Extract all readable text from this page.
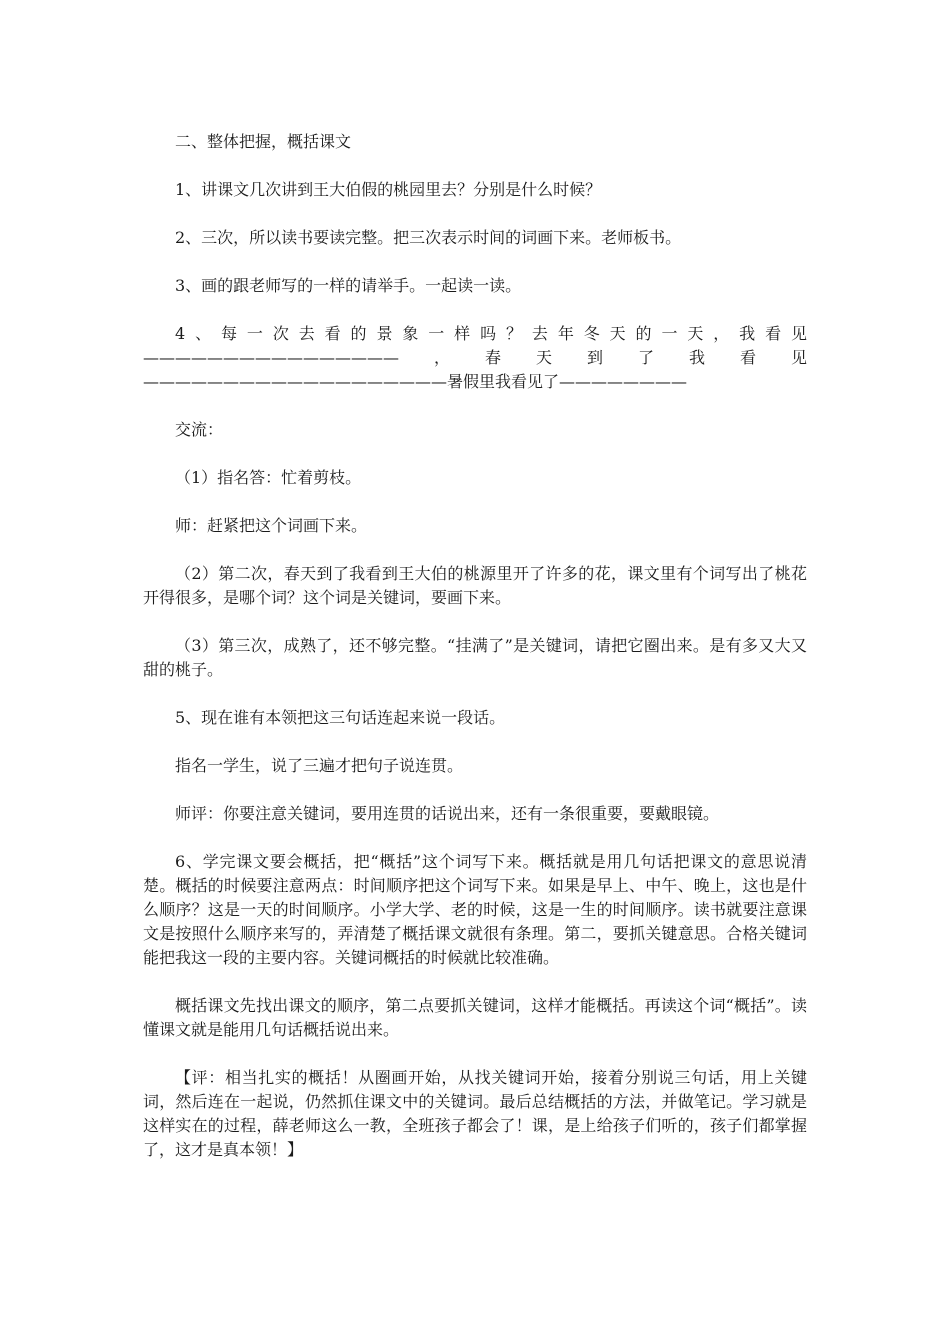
二、整体把握，概括课文

1、讲课文几次讲到王大伯假的桃园里去？分别是什么时候？

2、三次，所以读书要读完整。把三次表示时间的词画下来。老师板书。

3、画的跟老师写的一样的请举手。一起读一读。

4、每一次去看的景象一样吗？去年冬天的一天，我看见————————————————，春天到了我看见———————————————————暑假里我看见了————————

交流：

（1）指名答：忙着剪枝。

师：赶紧把这个词画下来。

（2）第二次，春天到了我看到王大伯的桃源里开了许多的花，课文里有个词写出了桃花开得很多，是哪个词？这个词是关键词，要画下来。

（3）第三次，成熟了，还不够完整。“挂满了”是关键词，请把它圈出来。是有多又大又甜的桃子。

5、现在谁有本领把这三句话连起来说一段话。

指名一学生，说了三遍才把句子说连贯。

师评：你要注意关键词，要用连贯的话说出来，还有一条很重要，要戴眼镜。

6、学完课文要会概括，把“概括”这个词写下来。概括就是用几句话把课文的意思说清楚。概括的时候要注意两点：时间顺序把这个词写下来。如果是早上、中午、晚上，这也是什么顺序？这是一天的时间顺序。小学大学、老的时候，这是一生的时间顺序。读书就要注意课文是按照什么顺序来写的，弄清楚了概括课文就很有条理。第二，要抓关键意思。合格关键词能把我这一段的主要内容。关键词概括的时候就比较准确。

概括课文先找出课文的顺序，第二点要抓关键词，这样才能概括。再读这个词“概括”。读懂课文就是能用几句话概括说出来。

【评：相当扎实的概括！从圈画开始，从找关键词开始，接着分别说三句话，用上关键词，然后连在一起说，仍然抓住课文中的关键词。最后总结概括的方法，并做笔记。学习就是这样实在的过程，薛老师这么一教，全班孩子都会了！课，是上给孩子们听的，孩子们都掌握了，这才是真本领！】
